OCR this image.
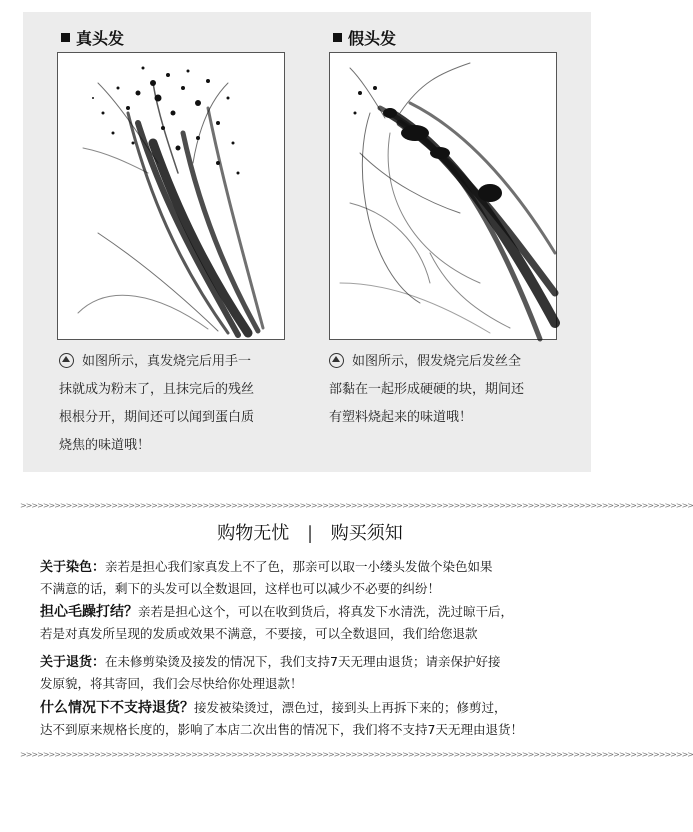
真头发
如图所示，真发烧完后用手一
抹就成为粉末了，且抹完后的残丝
根根分开，期间还可以闻到蛋白质
烧焦的味道哦！
假头发
如图所示，假发烧完后发丝全
部黏在一起形成硬硬的块，期间还
有塑料烧起来的味道哦！
>>>>>>>>>>>>>>>>>>>>>>>>>>>>>>>>>>>>>>>>>>>>>>>>>>>>>>>>>>>>>>>>>>>>>>>>>>>>>>>>>>>>>>>>>>>>>>>>>>>>>>>>>>>>>>>>>>>>>>
购物无忧 | 购买须知
关于染色：亲若是担心我们家真发上不了色，那亲可以取一小缕头发做个染色如果
不满意的话，剩下的头发可以全数退回，这样也可以减少不必要的纠纷！
担心毛躁打结？亲若是担心这个，可以在收到货后，将真发下水清洗，洗过晾干后，
若是对真发所呈现的发质或效果不满意，不要接，可以全数退回，我们给您退款
关于退货：在未修剪染烫及接发的情况下，我们支持7天无理由退货；请亲保护好接
发原貌，将其寄回，我们会尽快给你处理退款！
什么情况下不支持退货？接发被染烫过，漂色过，接到头上再拆下来的；修剪过，
达不到原来规格长度的，影响了本店二次出售的情况下，我们将不支持7天无理由退货！
>>>>>>>>>>>>>>>>>>>>>>>>>>>>>>>>>>>>>>>>>>>>>>>>>>>>>>>>>>>>>>>>>>>>>>>>>>>>>>>>>>>>>>>>>>>>>>>>>>>>>>>>>>>>>>>>>>>>>>
